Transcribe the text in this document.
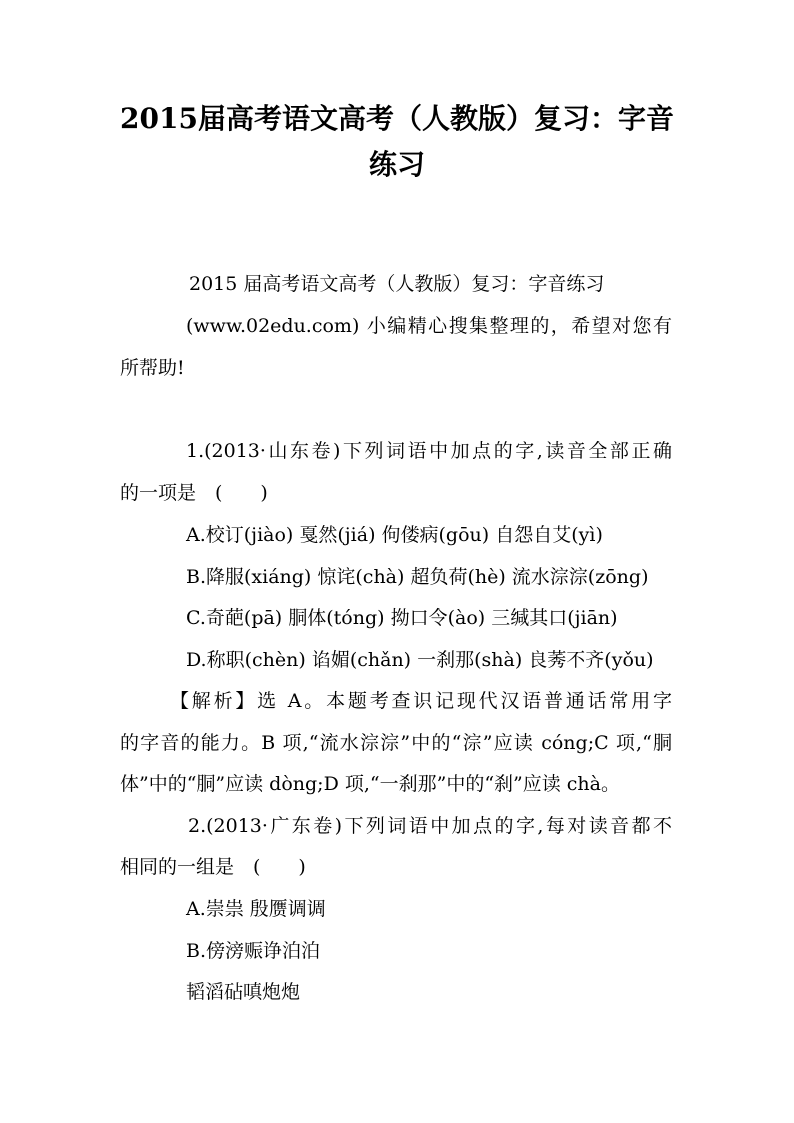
2015届高考语文高考（人教版）复习：字音
练习

2015 届高考语文高考（人教版）复习：字音练习

(www.02edu.com) 小编精心搜集整理的，希望对您有

所帮助!

1.(2013·山东卷)下列词语中加点的字,读音全部正确

的一项是　(　　)

A.校订(jiào) 戛然(jiá) 佝偻病(gōu) 自怨自艾(yì)

B.降服(xiáng) 惊诧(chà) 超负荷(hè) 流水淙淙(zōng)

C.奇葩(pā) 胴体(tóng) 拗口令(ào) 三缄其口(jiān)

D.称职(chèn) 谄媚(chǎn) 一刹那(shà) 良莠不齐(yǒu)

【解析】选 A。本题考查识记现代汉语普通话常用字

的字音的能力。B 项,“流水淙淙”中的“淙”应读 cóng;C 项,“胴

体”中的“胴”应读 dòng;D 项,“一刹那”中的“刹”应读 chà。

2.(2013·广东卷)下列词语中加点的字,每对读音都不

相同的一组是　(　　)

A.崇祟 殷赝调调

B.傍滂赈诤泊泊

韬滔砧嗔炮炮
